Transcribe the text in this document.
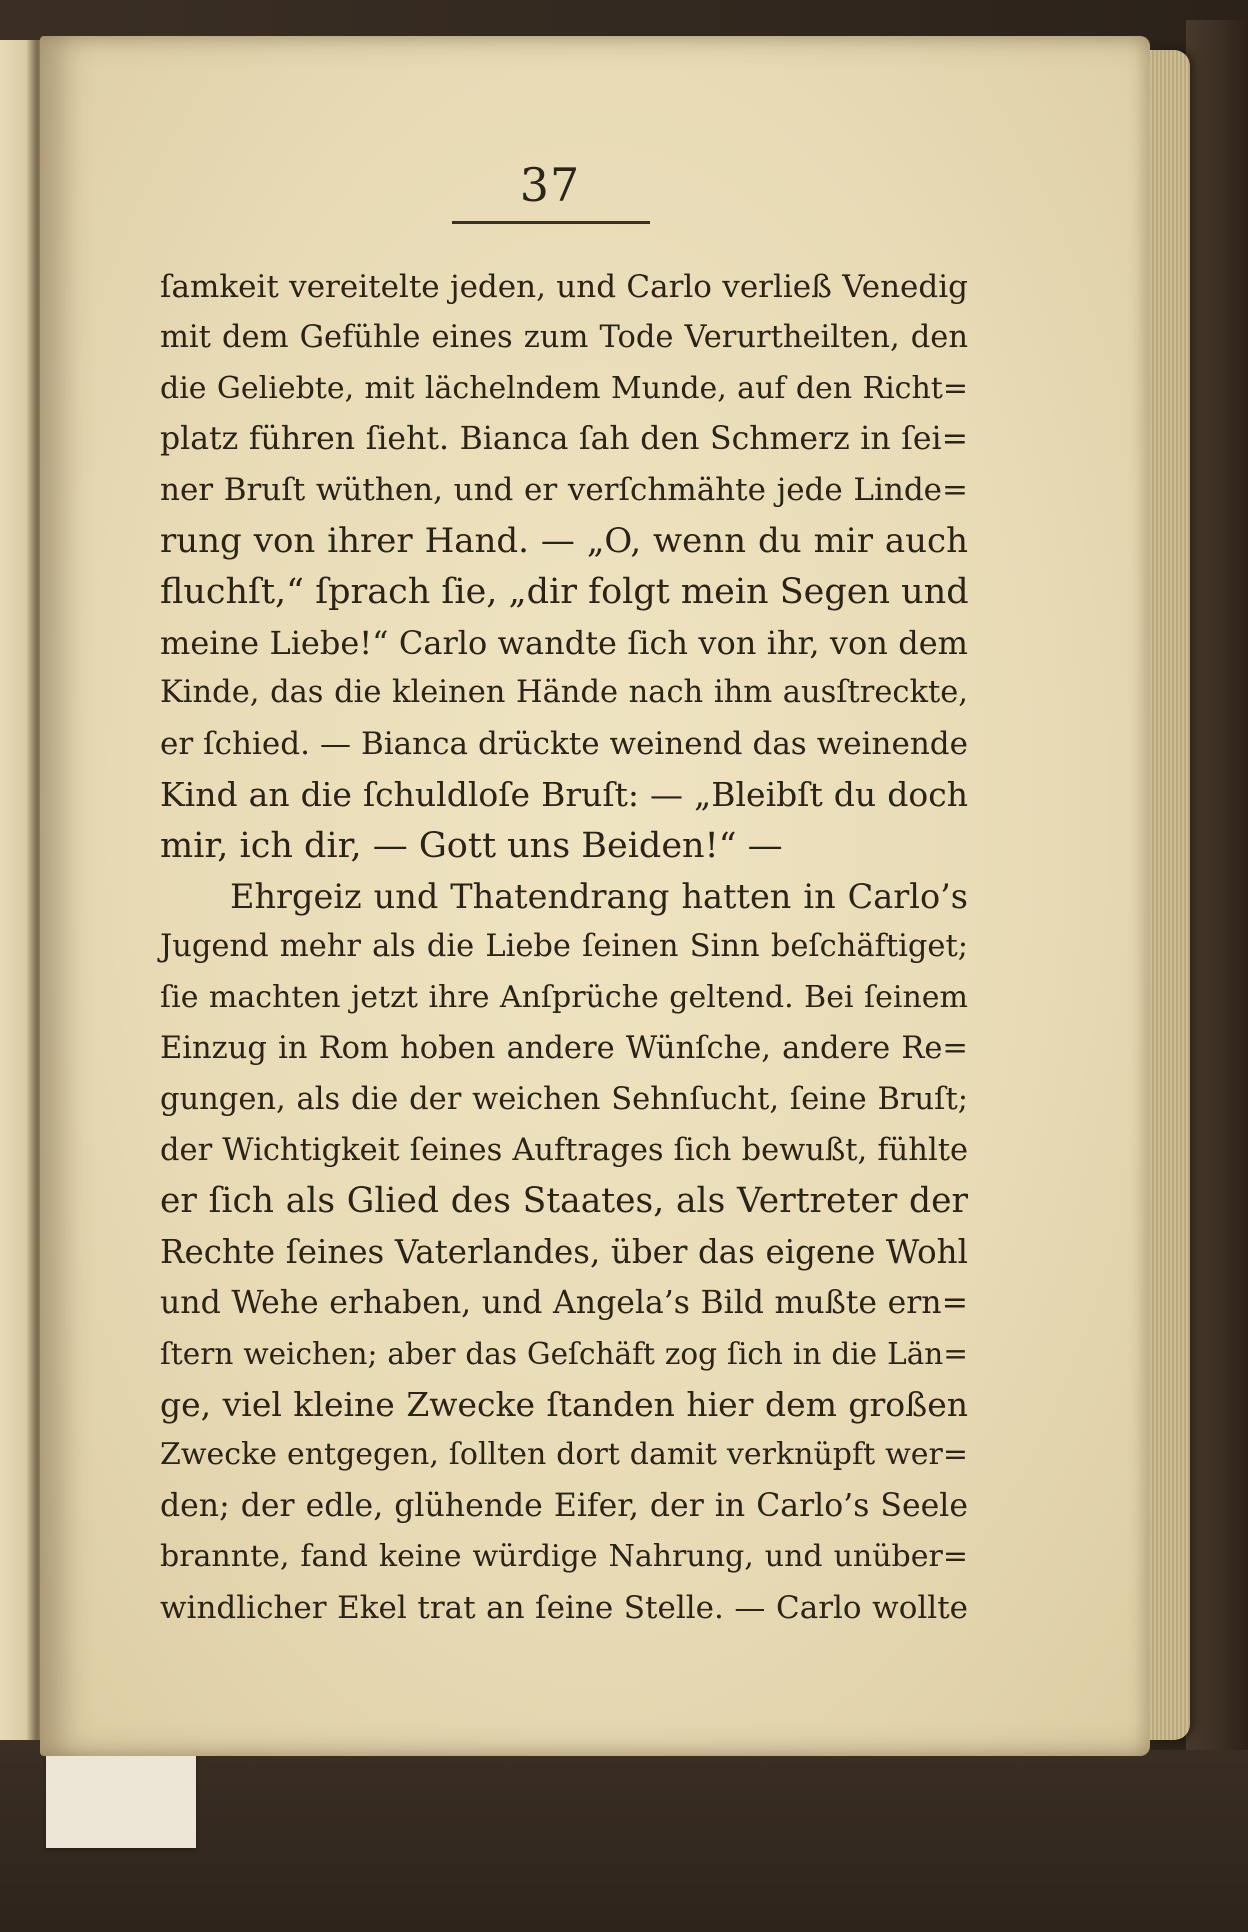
37
ſamkeit vereitelte jeden, und Carlo verließ Venedig
mit dem Gefühle eines zum Tode Verurtheilten, den
die Geliebte, mit lächelndem Munde, auf den Richt=
platz führen ſieht. Bianca ſah den Schmerz in ſei=
ner Bruſt wüthen, und er verſchmähte jede Linde=
rung von ihrer Hand. — „O, wenn du mir auch
fluchſt,“ ſprach ſie, „dir folgt mein Segen und
meine Liebe!“ Carlo wandte ſich von ihr, von dem
Kinde, das die kleinen Hände nach ihm ausſtreckte,
er ſchied. — Bianca drückte weinend das weinende
Kind an die ſchuldloſe Bruſt: — „Bleibſt du doch
mir, ich dir, — Gott uns Beiden!“ —
Ehrgeiz und Thatendrang hatten in Carlo’s
Jugend mehr als die Liebe ſeinen Sinn beſchäftiget;
ſie machten jetzt ihre Anſprüche geltend. Bei ſeinem
Einzug in Rom hoben andere Wünſche, andere Re=
gungen, als die der weichen Sehnſucht, ſeine Bruſt;
der Wichtigkeit ſeines Auftrages ſich bewußt, fühlte
er ſich als Glied des Staates, als Vertreter der
Rechte ſeines Vaterlandes, über das eigene Wohl
und Wehe erhaben, und Angela’s Bild mußte ern=
ſtern weichen; aber das Geſchäft zog ſich in die Län=
ge, viel kleine Zwecke ſtanden hier dem großen
Zwecke entgegen, ſollten dort damit verknüpft wer=
den; der edle, glühende Eifer, der in Carlo’s Seele
brannte, fand keine würdige Nahrung, und unüber=
windlicher Ekel trat an ſeine Stelle. — Carlo wollte
